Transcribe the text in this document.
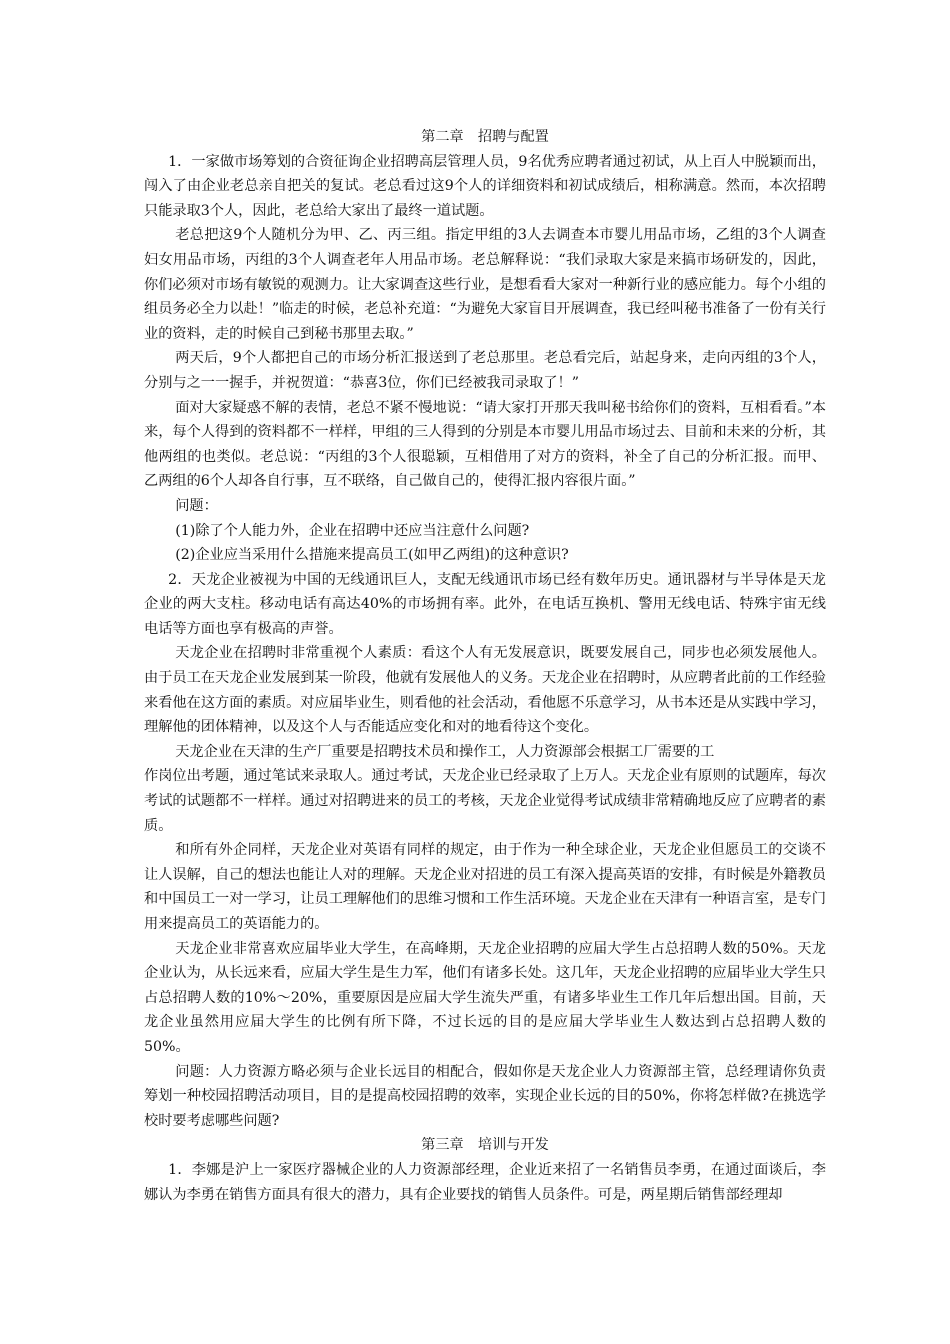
第二章　招聘与配置

1．一家做市场筹划的合资征询企业招聘高层管理人员，9名优秀应聘者通过初试，从上百人中脱颖而出，闯入了由企业老总亲自把关的复试。老总看过这9个人的详细资料和初试成绩后，相称满意。然而，本次招聘只能录取3个人，因此，老总给大家出了最终一道试题。

老总把这9个人随机分为甲、乙、丙三组。指定甲组的3人去调查本市婴儿用品市场，乙组的3个人调查妇女用品市场，丙组的3个人调查老年人用品市场。老总解释说：“我们录取大家是来搞市场研发的，因此，你们必须对市场有敏锐的观测力。让大家调查这些行业，是想看看大家对一种新行业的感应能力。每个小组的组员务必全力以赴！”临走的时候，老总补充道：“为避免大家盲目开展调查，我已经叫秘书准备了一份有关行业的资料，走的时候自己到秘书那里去取。”

两天后，9个人都把自己的市场分析汇报送到了老总那里。老总看完后，站起身来，走向丙组的3个人，分别与之一一握手，并祝贺道：“恭喜3位，你们已经被我司录取了！”

面对大家疑惑不解的表情，老总不紧不慢地说：“请大家打开那天我叫秘书给你们的资料，互相看看。”本来，每个人得到的资料都不一样样，甲组的三人得到的分别是本市婴儿用品市场过去、目前和未来的分析，其他两组的也类似。老总说：“丙组的3个人很聪颖，互相借用了对方的资料，补全了自己的分析汇报。而甲、乙两组的6个人却各自行事，互不联络，自己做自己的，使得汇报内容很片面。”

问题：

(1)除了个人能力外，企业在招聘中还应当注意什么问题?

(2)企业应当采用什么措施来提高员工(如甲乙两组)的这种意识?

2．天龙企业被视为中国的无线通讯巨人，支配无线通讯市场已经有数年历史。通讯器材与半导体是天龙企业的两大支柱。移动电话有高达40%的市场拥有率。此外，在电话互换机、警用无线电话、特殊宇宙无线电话等方面也享有极高的声誉。

天龙企业在招聘时非常重视个人素质：看这个人有无发展意识，既要发展自己，同步也必须发展他人。由于员工在天龙企业发展到某一阶段，他就有发展他人的义务。天龙企业在招聘时，从应聘者此前的工作经验来看他在这方面的素质。对应届毕业生，则看他的社会活动，看他愿不乐意学习，从书本还是从实践中学习，理解他的团体精神，以及这个人与否能适应变化和对的地看待这个变化。

天龙企业在天津的生产厂重要是招聘技术员和操作工，人力资源部会根据工厂需要的工

作岗位出考题，通过笔试来录取人。通过考试，天龙企业已经录取了上万人。天龙企业有原则的试题库，每次考试的试题都不一样样。通过对招聘进来的员工的考核，天龙企业觉得考试成绩非常精确地反应了应聘者的素质。

和所有外企同样，天龙企业对英语有同样的规定，由于作为一种全球企业，天龙企业但愿员工的交谈不让人误解，自己的想法也能让人对的理解。天龙企业对招进的员工有深入提高英语的安排，有时候是外籍教员和中国员工一对一学习，让员工理解他们的思维习惯和工作生活环境。天龙企业在天津有一种语言室，是专门用来提高员工的英语能力的。

天龙企业非常喜欢应届毕业大学生，在高峰期，天龙企业招聘的应届大学生占总招聘人数的50%。天龙企业认为，从长远来看，应届大学生是生力军，他们有诸多长处。这几年，天龙企业招聘的应届毕业大学生只占总招聘人数的10%～20%，重要原因是应届大学生流失严重，有诸多毕业生工作几年后想出国。目前，天龙企业虽然用应届大学生的比例有所下降，不过长远的目的是应届大学毕业生人数达到占总招聘人数的50%。

问题：人力资源方略必须与企业长远目的相配合，假如你是天龙企业人力资源部主管，总经理请你负责筹划一种校园招聘活动项目，目的是提高校园招聘的效率，实现企业长远的目的50%，你将怎样做?在挑选学校时要考虑哪些问题?

第三章　培训与开发

1．李娜是沪上一家医疗器械企业的人力资源部经理，企业近来招了一名销售员李勇，在通过面谈后，李娜认为李勇在销售方面具有很大的潜力，具有企业要找的销售人员条件。可是，两星期后销售部经理却
